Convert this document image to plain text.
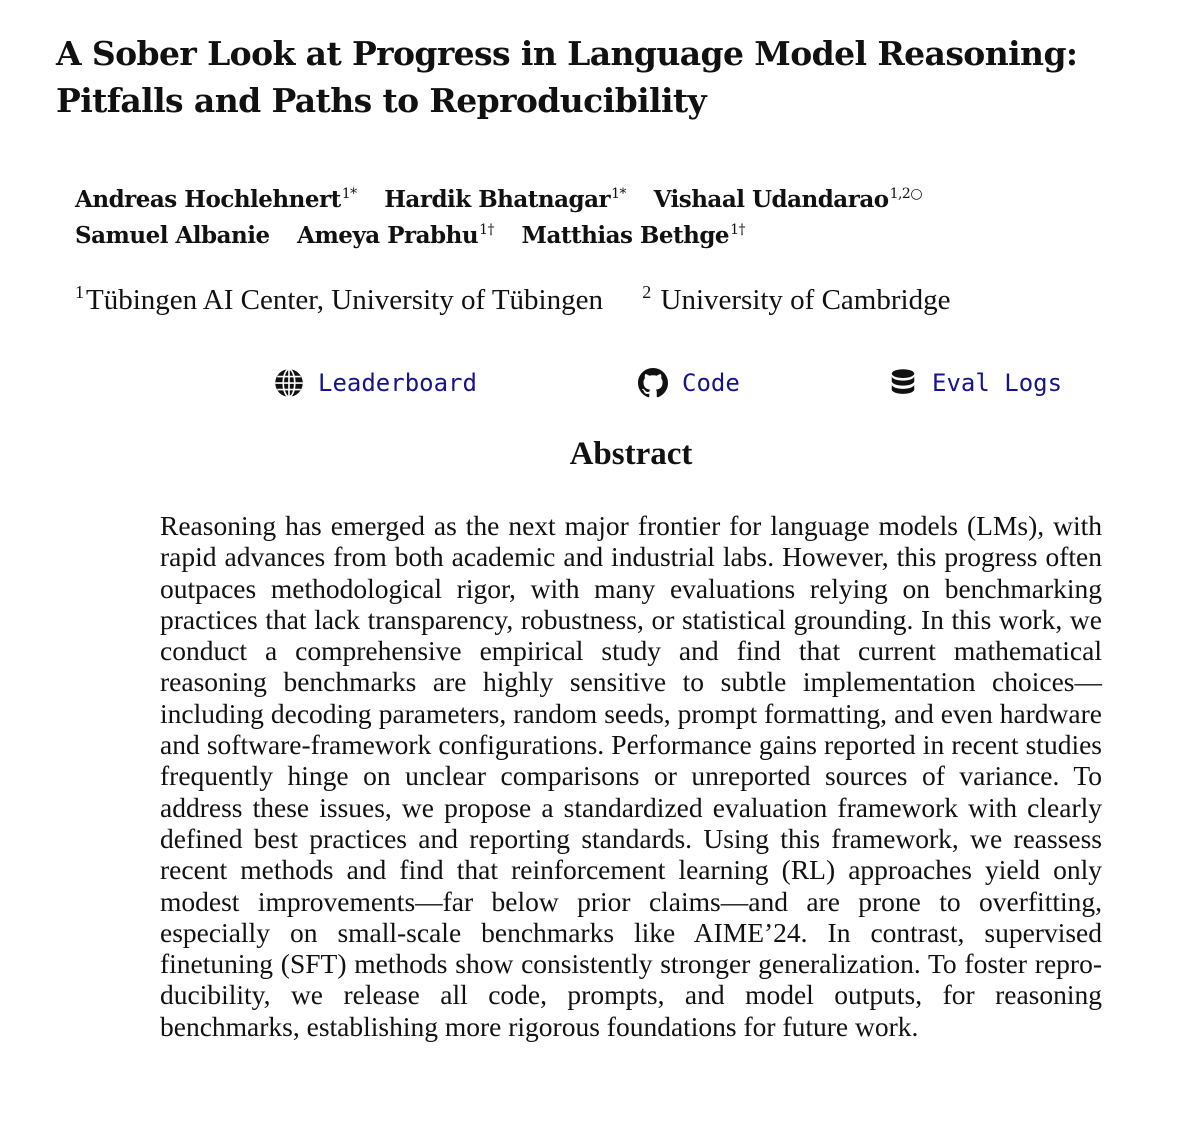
A Sober Look at Progress in Language Model Reasoning:
Pitfalls and Paths to Reproducibility
Andreas Hochlehnert$^{1*}$ Hardik Bhatnagar$^{1*}$ Vishaal Udandarao$^{1,2○}$
Samuel Albanie Ameya Prabhu$^{1\dagger}$ Matthias Bethge$^{1\dagger}$
$^1$Tübingen AI Center, University of Tübingen $^2$ University of Cambridge
Leaderboard	Code	Eval Logs
Abstract

Reasoning has emerged as the next major frontier for language models (LMs), with rapid advances from both academic and industrial labs. However, this progress often outpaces methodological rigor, with many evaluations relying on benchmarking practices that lack transparency, robustness, or statistical grounding. In this work, we conduct a comprehensive empirical study and find that current mathematical reasoning benchmarks are highly sensitive to subtle implementation choices—including decoding parameters, random seeds, prompt formatting, and even hardware and software-framework configurations. Performance gains reported in recent studies frequently hinge on unclear comparisons or unreported sources of variance. To address these issues, we propose a standardized evaluation framework with clearly defined best practices and reporting standards. Using this framework, we reassess recent methods and find that reinforcement learning (RL) approaches yield only modest improvements—far below prior claims—and are prone to overfitting, especially on small-scale benchmarks like AIME’24. In contrast, supervised finetuning (SFT) methods show consistently stronger generalization. To foster reproducibility, we release all code, prompts, and model outputs, for reasoning benchmarks, establishing more rigorous foundations for future work.
